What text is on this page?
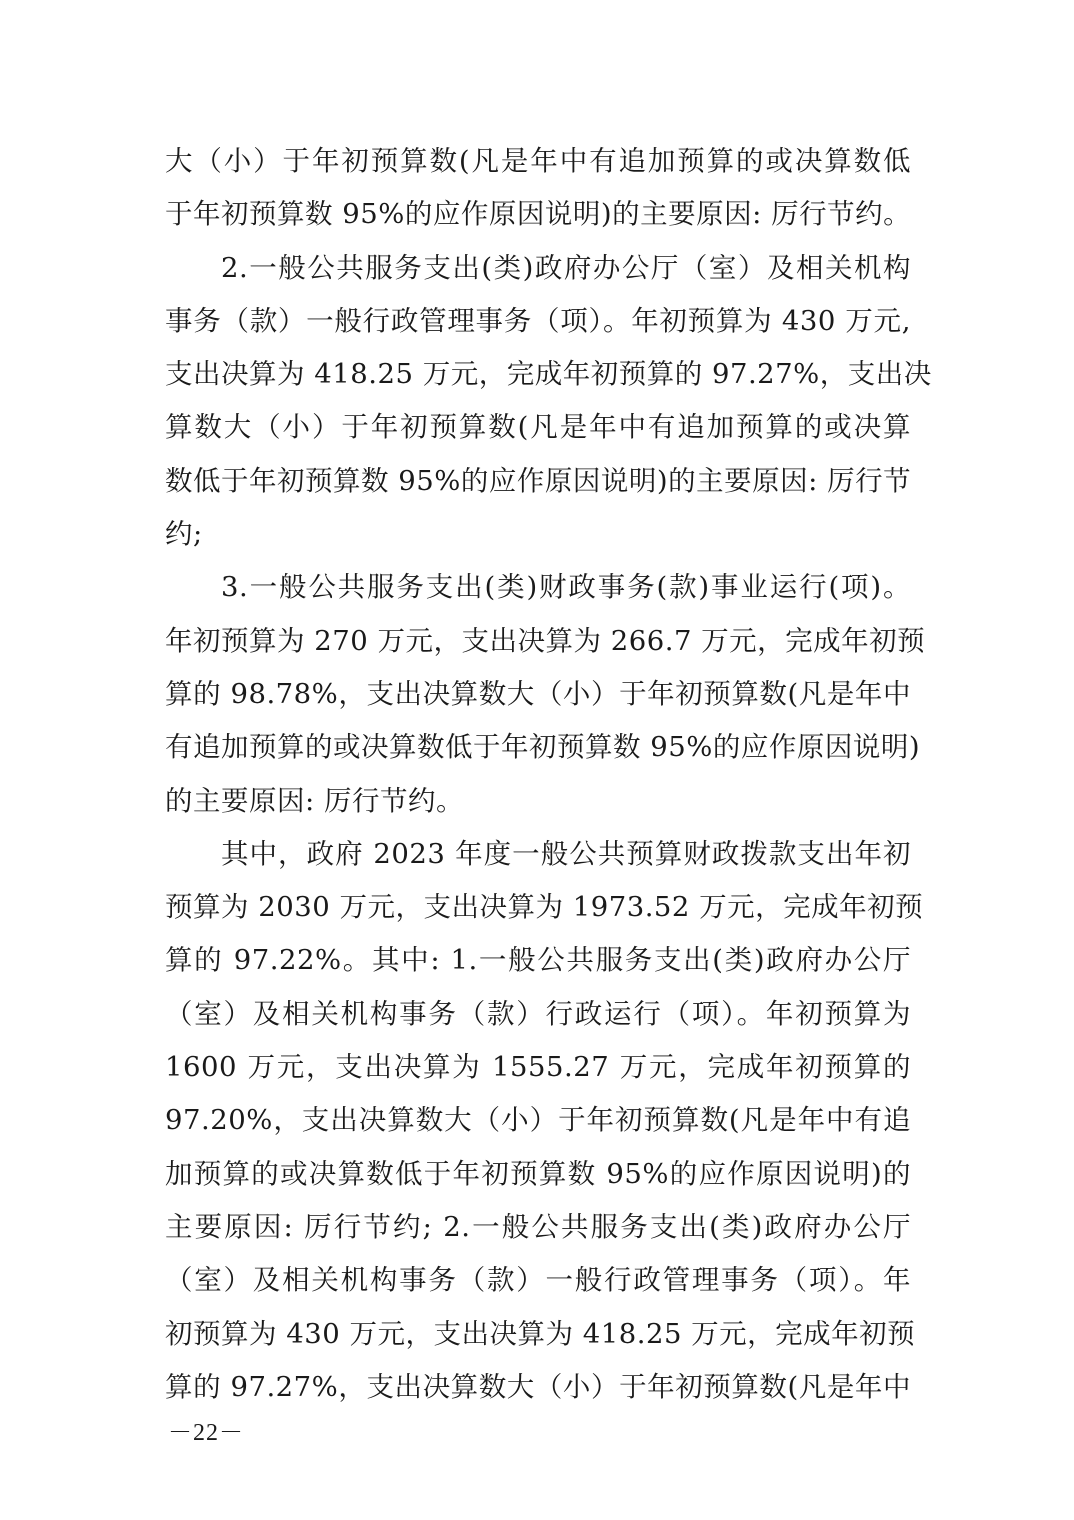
大（小）于年初预算数(凡是年中有追加预算的或决算数低
于年初预算数 95%的应作原因说明)的主要原因: 厉行节约。
2.一般公共服务支出(类)政府办公厅（室）及相关机构
事务（款）一般行政管理事务（项）。年初预算为 430 万元,
支出决算为 418.25 万元，完成年初预算的 97.27%，支出决
算数大（小）于年初预算数(凡是年中有追加预算的或决算
数低于年初预算数 95%的应作原因说明)的主要原因: 厉行节
约;
3.一般公共服务支出(类)财政事务(款)事业运行(项)。
年初预算为 270 万元，支出决算为 266.7 万元，完成年初预
算的 98.78%，支出决算数大（小）于年初预算数(凡是年中
有追加预算的或决算数低于年初预算数 95%的应作原因说明)
的主要原因: 厉行节约。
其中，政府 2023 年度一般公共预算财政拨款支出年初
预算为 2030 万元，支出决算为 1973.52 万元，完成年初预
算的 97.22%。其中: 1.一般公共服务支出(类)政府办公厅
（室）及相关机构事务（款）行政运行（项）。年初预算为
1600 万元，支出决算为 1555.27 万元，完成年初预算的
97.20%，支出决算数大（小）于年初预算数(凡是年中有追
加预算的或决算数低于年初预算数 95%的应作原因说明)的
主要原因: 厉行节约; 2.一般公共服务支出(类)政府办公厅
（室）及相关机构事务（款）一般行政管理事务（项）。年
初预算为 430 万元，支出决算为 418.25 万元，完成年初预
算的 97.27%，支出决算数大（小）于年初预算数(凡是年中
－22－
